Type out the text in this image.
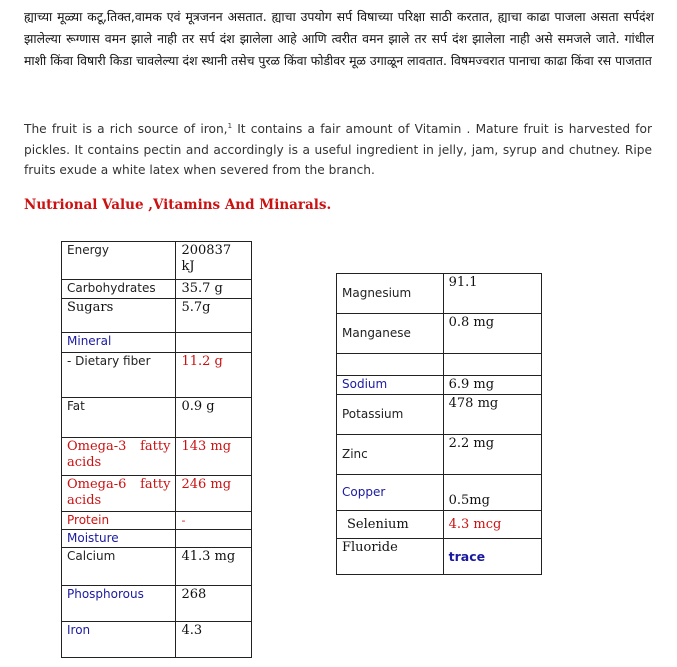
ह्याच्या मूळ्या कटू,तिक्त,वामक एवं मूत्रजनन असतात. ह्याचा उपयोग सर्प विषाच्या परिक्षा साठी करतात, ह्याचा काढा पाजला असता सर्पदंश झालेल्या रूग्णास वमन झाले नाही तर सर्प दंश झालेला आहे आणि त्वरीत वमन झाले तर सर्प दंश झालेला नाही असे समजले जाते. गांधील माशी किंवा विषारी किडा चावलेल्या दंश स्थानी तसेच पुरळ किंवा फोडीवर मूळ उगाळून लावतात. विषमज्वरात पानाचा काढा किंवा रस पाजतात

The fruit is a rich source of iron,$^1$ It contains a fair amount of Vitamin . Mature fruit is harvested for pickles. It contains pectin and accordingly is a useful ingredient in jelly, jam, syrup and chutney. Ripe fruits exude a white latex when severed from the branch.

Nutrional Value ,Vitamins And Minarals.
Energy	200837 kJ
Carbohydrates	35.7 g
Sugars	5.7g
Mineral	
- Dietary fiber	11.2 g
Fat	0.9 g
Omega-3 fatty acids	143 mg
Omega-6 fatty acids	246 mg
Protein	-
Moisture	
Calcium	41.3 mg
Phosphorous	268
Iron	4.3
Magnesium	91.1
Manganese	0.8 mg

Sodium	6.9 mg
Potassium	478 mg
Zinc	2.2 mg
Copper	0.5mg
Selenium	4.3 mcg
Fluoride	trace
